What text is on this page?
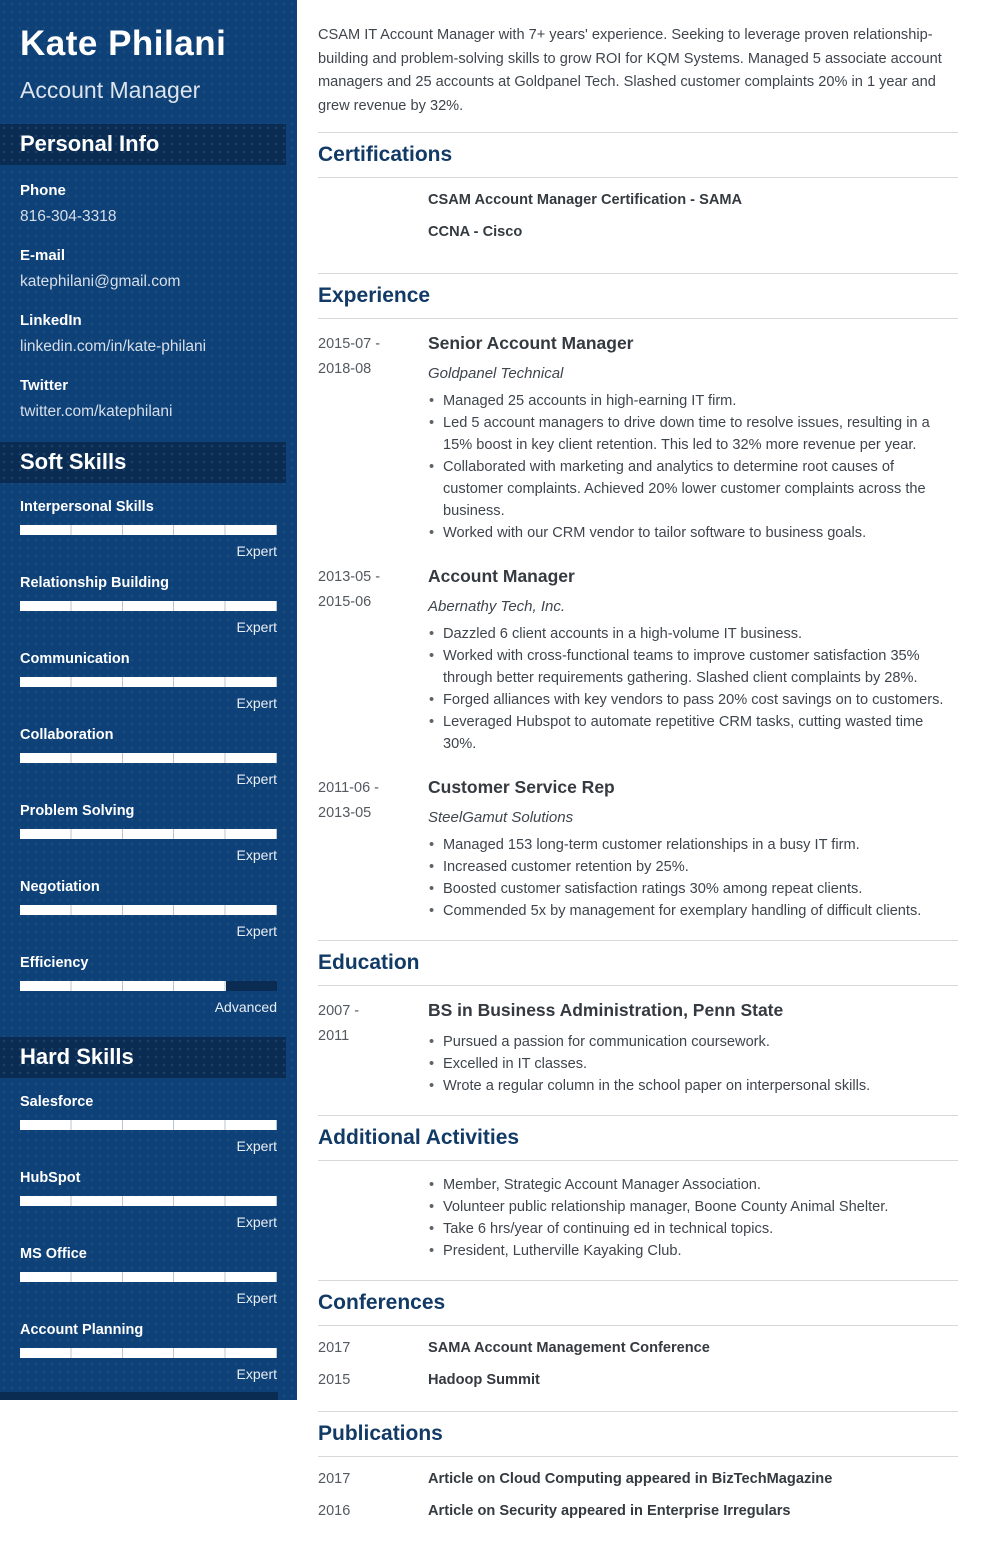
Kate Philani
Account Manager
Personal Info
Phone
816-304-3318
E-mail
katephilani@gmail.com
LinkedIn
linkedin.com/in/kate-philani
Twitter
twitter.com/katephilani
Soft Skills
Interpersonal Skills
Expert
Relationship Building
Expert
Communication
Expert
Collaboration
Expert
Problem Solving
Expert
Negotiation
Expert
Efficiency
Advanced
Hard Skills
Salesforce
Expert
HubSpot
Expert
MS Office
Expert
Account Planning
Expert

CSAM IT Account Manager with 7+ years' experience. Seeking to leverage proven relationship-building and problem-solving skills to grow ROI for KQM Systems. Managed 5 associate account managers and 25 accounts at Goldpanel Tech. Slashed customer complaints 20% in 1 year and grew revenue by 32%.

Certifications
CSAM Account Manager Certification - SAMA
CCNA - Cisco
Experience
2015-07 -
2018-08
Senior Account Manager
Goldpanel Technical
• Managed 25 accounts in high-earning IT firm.
• Led 5 account managers to drive down time to resolve issues, resulting in a 15% boost in key client retention. This led to 32% more revenue per year.
• Collaborated with marketing and analytics to determine root causes of customer complaints. Achieved 20% lower customer complaints across the business.
• Worked with our CRM vendor to tailor software to business goals.
2013-05 -
2015-06
Account Manager
Abernathy Tech, Inc.
• Dazzled 6 client accounts in a high-volume IT business.
• Worked with cross-functional teams to improve customer satisfaction 35% through better requirements gathering. Slashed client complaints by 28%.
• Forged alliances with key vendors to pass 20% cost savings on to customers.
• Leveraged Hubspot to automate repetitive CRM tasks, cutting wasted time 30%.
2011-06 -
2013-05
Customer Service Rep
SteelGamut Solutions
• Managed 153 long-term customer relationships in a busy IT firm.
• Increased customer retention by 25%.
• Boosted customer satisfaction ratings 30% among repeat clients.
• Commended 5x by management for exemplary handling of difficult clients.
Education
2007 -
2011
BS in Business Administration, Penn State
• Pursued a passion for communication coursework.
• Excelled in IT classes.
• Wrote a regular column in the school paper on interpersonal skills.
Additional Activities
• Member, Strategic Account Manager Association.
• Volunteer public relationship manager, Boone County Animal Shelter.
• Take 6 hrs/year of continuing ed in technical topics.
• President, Lutherville Kayaking Club.
Conferences
2017	SAMA Account Management Conference
2015	Hadoop Summit
Publications
2017	Article on Cloud Computing appeared in BizTechMagazine
2016	Article on Security appeared in Enterprise Irregulars
